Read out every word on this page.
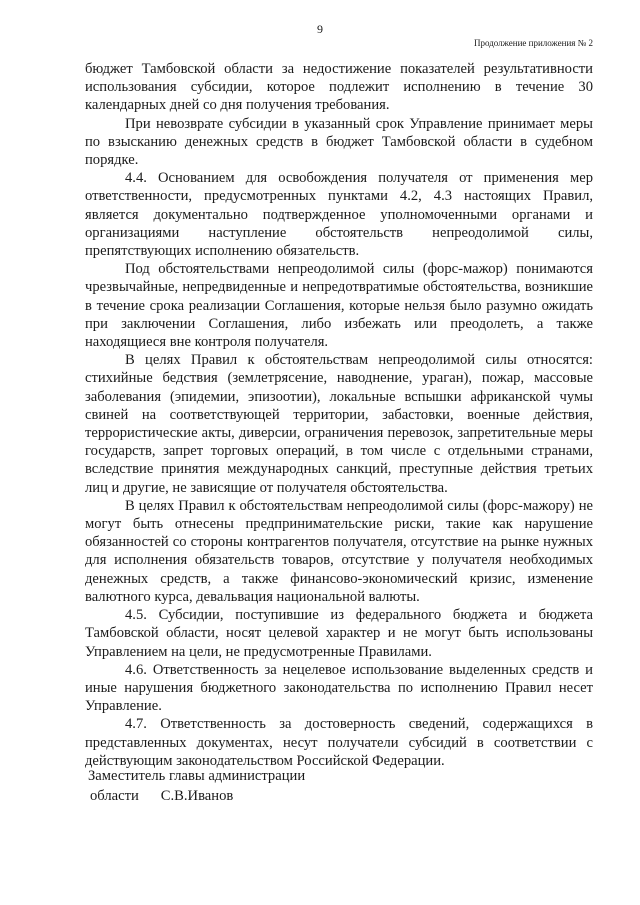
9
Продолжение приложения № 2

бюджет Тамбовской области за недостижение показателей результативности использования субсидии, которое подлежит исполнению в течение 30 календарных дней со дня получения требования.

При невозврате субсидии в указанный срок Управление принимает меры по взысканию денежных средств в бюджет Тамбовской области в судебном порядке.

4.4. Основанием для освобождения получателя от применения мер ответственности, предусмотренных пунктами 4.2, 4.3 настоящих Правил, является документально подтвержденное уполномоченными органами и организациями наступление обстоятельств непреодолимой силы, препятствующих исполнению обязательств.

Под обстоятельствами непреодолимой силы (форс-мажор) понимаются чрезвычайные, непредвиденные и непредотвратимые обстоятельства, возникшие в течение срока реализации Соглашения, которые нельзя было разумно ожидать при заключении Соглашения, либо избежать или преодолеть, а также находящиеся вне контроля получателя.

В целях Правил к обстоятельствам непреодолимой силы относятся: стихийные бедствия (землетрясение, наводнение, ураган), пожар, массовые заболевания (эпидемии, эпизоотии), локальные вспышки африканской чумы свиней на соответствующей территории, забастовки, военные действия, террористические акты, диверсии, ограничения перевозок, запретительные меры государств, запрет торговых операций, в том числе с отдельными странами, вследствие принятия международных санкций, преступные действия третьих лиц и другие, не зависящие от получателя обстоятельства.

В целях Правил к обстоятельствам непреодолимой силы (форс-мажору) не могут быть отнесены предпринимательские риски, такие как нарушение обязанностей со стороны контрагентов получателя, отсутствие на рынке нужных для исполнения обязательств товаров, отсутствие у получателя необходимых денежных средств, а также финансово-экономический кризис, изменение валютного курса, девальвация национальной валюты.

4.5. Субсидии, поступившие из федерального бюджета и бюджета Тамбовской области, носят целевой характер и не могут быть использованы Управлением на цели, не предусмотренные Правилами.

4.6. Ответственность за нецелевое использование выделенных средств и иные нарушения бюджетного законодательства по исполнению Правил несет Управление.

4.7. Ответственность за достоверность сведений, содержащихся в представленных документах, несут получатели субсидий в соответствии с действующим законодательством Российской Федерации.

Заместитель главы администрации
области С.В.Иванов
